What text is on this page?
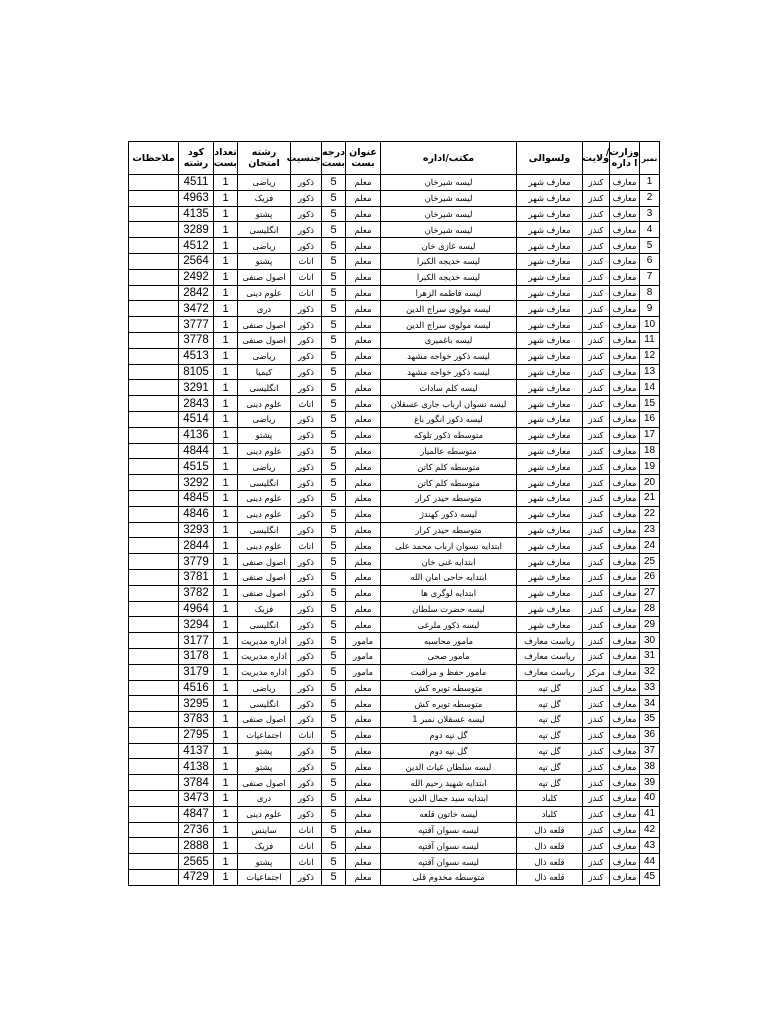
نمبر	وزارت/ا داره	ولایت	ولسوالی	مکتب/اداره	عنوان بست	درجه بست	جنسیت	رشته امتحان	تعداد بست	کود رشته	ملاحظات
1	معارف	کندز	معارف شهر	لیسه شیرخان	معلم	5	ذکور	ریاضی	1	4511	
2	معارف	کندز	معارف شهر	لیسه شیرخان	معلم	5	ذکور	فزیک	1	4963	
3	معارف	کندز	معارف شهر	لیسه شیرخان	معلم	5	ذکور	پشتو	1	4135	
4	معارف	کندز	معارف شهر	لیسه شیرخان	معلم	5	ذکور	انگلیسی	1	3289	
5	معارف	کندز	معارف شهر	لیسه غازی خان	معلم	5	ذکور	ریاضی	1	4512	
6	معارف	کندز	معارف شهر	لیسه خدیجه الکبرا	معلم	5	اناث	پشتو	1	2564	
7	معارف	کندز	معارف شهر	لیسه خدیجه الکبرا	معلم	5	اناث	اصول صنفی	1	2492	
8	معارف	کندز	معارف شهر	لیسه فاطمه الزهرا	معلم	5	اناث	علوم دینی	1	2842	
9	معارف	کندز	معارف شهر	لیسه مولوی سراج الدین	معلم	5	ذکور	دری	1	3472	
10	معارف	کندز	معارف شهر	لیسه مولوی سراج الدین	معلم	5	ذکور	اصول صنفی	1	3777	
11	معارف	کندز	معارف شهر	لیسه باغمیری	معلم	5	ذکور	اصول صنفی	1	3778	
12	معارف	کندز	معارف شهر	لیسه ذکور خواجه مشهد	معلم	5	ذکور	ریاضی	1	4513	
13	معارف	کندز	معارف شهر	لیسه ذکور خواجه مشهد	معلم	5	ذکور	کیمیا	1	8105	
14	معارف	کندز	معارف شهر	لیسه کلم سادات	معلم	5	ذکور	انگلیسی	1	3291	
15	معارف	کندز	معارف شهر	لیسه نسوان ارباب جاری عسقلان	معلم	5	اناث	علوم دینی	1	2843	
16	معارف	کندز	معارف شهر	لیسه ذکور انگور باغ	معلم	5	ذکور	ریاضی	1	4514	
17	معارف	کندز	معارف شهر	متوسطه ذکور تلوکه	معلم	5	ذکور	پشتو	1	4136	
18	معارف	کندز	معارف شهر	متوسطه عالمیار	معلم	5	ذکور	علوم دینی	1	4844	
19	معارف	کندز	معارف شهر	متوسطه کلم کاتن	معلم	5	ذکور	ریاضی	1	4515	
20	معارف	کندز	معارف شهر	متوسطه کلم کاتن	معلم	5	ذکور	انگلیسی	1	3292	
21	معارف	کندز	معارف شهر	متوسطه حیدر کرار	معلم	5	ذکور	علوم دینی	1	4845	
22	معارف	کندز	معارف شهر	لیسه ذکور کهندژ	معلم	5	ذکور	علوم دینی	1	4846	
23	معارف	کندز	معارف شهر	متوسطه حیدر کرار	معلم	5	ذکور	انگلیسی	1	3293	
24	معارف	کندز	معارف شهر	ابتدایه نسوان ارباب محمد علی	معلم	5	اناث	علوم دینی	1	2844	
25	معارف	کندز	معارف شهر	ابتدایه غنی خان	معلم	5	ذکور	اصول صنفی	1	3779	
26	معارف	کندز	معارف شهر	ابتدایه حاجی امان الله	معلم	5	ذکور	اصول صنفی	1	3781	
27	معارف	کندز	معارف شهر	ابتدایه لوگری ها	معلم	5	ذکور	اصول صنفی	1	3782	
28	معارف	کندز	معارف شهر	لیسه حضرت سلطان	معلم	5	ذکور	فزیک	1	4964	
29	معارف	کندز	معارف شهر	لیسه ذکور ملرغی	معلم	5	ذکور	انگلیسی	1	3294	
30	معارف	کندز	ریاست معارف	مامور محاسبه	مامور	5	ذکور	اداره مدیریت	1	3177	
31	معارف	کندز	ریاست معارف	مامور صحی	مامور	5	ذکور	اداره مدیریت	1	3178	
32	معارف	مرکز	ریاست معارف	مامور حفظ و مراقبت	مامور	5	ذکور	اداره مدیریت	1	3179	
33	معارف	کندز	گل تپه	متوسطه توبره کش	معلم	5	ذکور	ریاضی	1	4516	
34	معارف	کندز	گل تپه	متوسطه توبره کش	معلم	5	ذکور	انگلیسی	1	3295	
35	معارف	کندز	گل تپه	لیسه عسقلان نمبر 1	معلم	5	ذکور	اصول صنفی	1	3783	
36	معارف	کندز	گل تپه	گل تپه دوم	معلم	5	اناث	اجتماعیات	1	2795	
37	معارف	کندز	گل تپه	گل تپه دوم	معلم	5	ذکور	پشتو	1	4137	
38	معارف	کندز	گل تپه	لیسه سلطان غیاث الدین	معلم	5	ذکور	پشتو	1	4138	
39	معارف	کندز	گل تپه	ابتدایه شهید رحیم الله	معلم	5	ذکور	اصول صنفی	1	3784	
40	معارف	کندز	کلباد	ابتدایه سید جمال الدین	معلم	5	ذکور	دری	1	3473	
41	معارف	کندز	کلباد	لیسه خاتون قلعه	معلم	5	ذکور	علوم دینی	1	4847	
42	معارف	کندز	قلعه ذال	لیسه نسوان آقتپه	معلم	5	اناث	ساینس	1	2736	
43	معارف	کندز	قلعه ذال	لیسه نسوان آقتپه	معلم	5	اناث	فزیک	1	2888	
44	معارف	کندز	قلعه ذال	لیسه نسوان آقتپه	معلم	5	اناث	پشتو	1	2565	
45	معارف	کندز	قلعه ذال	متوسطه مخدوم قلی	معلم	5	ذکور	اجتماعیات	1	4729	
